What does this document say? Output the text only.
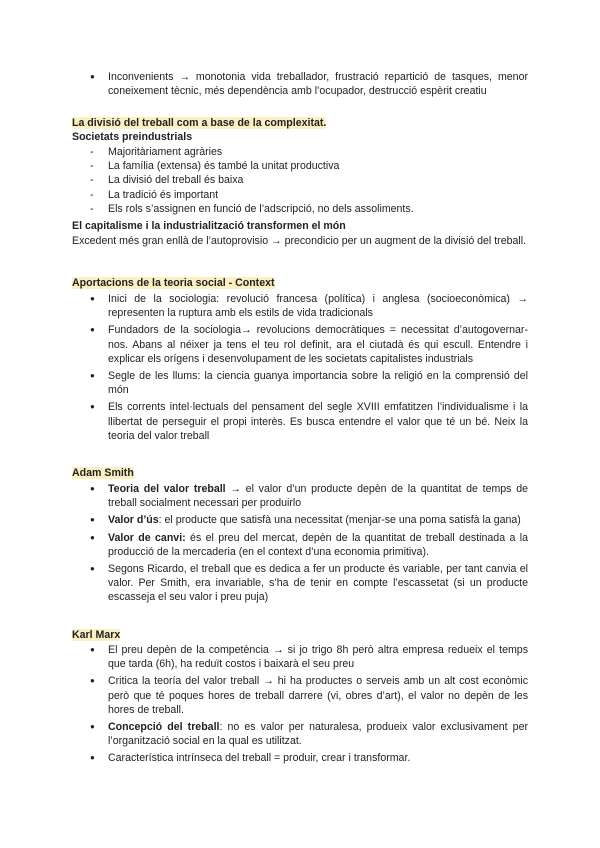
● Inconvenients → monotonia vida treballador, frustració repartició de tasques, menor coneixement tècnic, més dependència amb l’ocupador, destrucció espèrit creatiu
La divisió del treball com a base de la complexitat.
Societats preindustrials
- Majoritàriament agràries
- La família (extensa) és també la unitat productiva
- La divisió del treball és baixa
- La tradició és important
- Els rols s’assignen en funció de l’adscripció, no dels assoliments.
El capitalisme i la industrialització transformen el món
Excedent més gran enllà de l’autoprovisio → precondicio per un augment de la divisió del treball.
Aportacions de la teoria social - Context
● Inici de la sociologia: revolució francesa (política) i anglesa (socioeconòmica) → representen la ruptura amb els estils de vida tradicionals
● Fundadors de la sociologia→ revolucions democràtiques = necessitat d’autogovernar-nos. Abans al néixer ja tens el teu rol definit, ara el ciutadà és qui escull. Entendre i explicar els orígens i desenvolupament de les societats capitalistes industrials
● Segle de les llums: la ciencia guanya importancia sobre la religió en la comprensió del món
● Els corrents intel·lectuals del pensament del segle XVIII emfatitzen l’individualisme i la llibertat de perseguir el propi interès. Es busca entendre el valor que té un bé. Neix la teoria del valor treball
Adam Smith
● Teoria del valor treball → el valor d’un producte depèn de la quantitat de temps de treball socialment necessari per produirlo
● Valor d’ús: el producte que satisfà una necessitat (menjar-se una poma satisfà la gana)
● Valor de canvi: és el preu del mercat, depèn de la quantitat de treball destinada a la producció de la mercaderia (en el context d’una economia primitiva).
● Segons Ricardo, el treball que es dedica a fer un producte és variable, per tant canvia el valor. Per Smith, era invariable, s’ha de tenir en compte l’escassetat (si un producte escasseja el seu valor i preu puja)
Karl Marx
● El preu depèn de la competència → si jo trigo 8h però altra empresa redueix el temps que tarda (6h), ha reduït costos i baixarà el seu preu
● Critica la teoría del valor treball → hi ha productes o serveis amb un alt cost econòmic però que té poques hores de treball darrere (vi, obres d’art), el valor no depèn de les hores de treball.
● Concepció del treball: no es valor per naturalesa, produeix valor exclusivament per l’organització social en la qual es utilitzat.
● Característica intrínseca del treball = produir, crear i transformar.
